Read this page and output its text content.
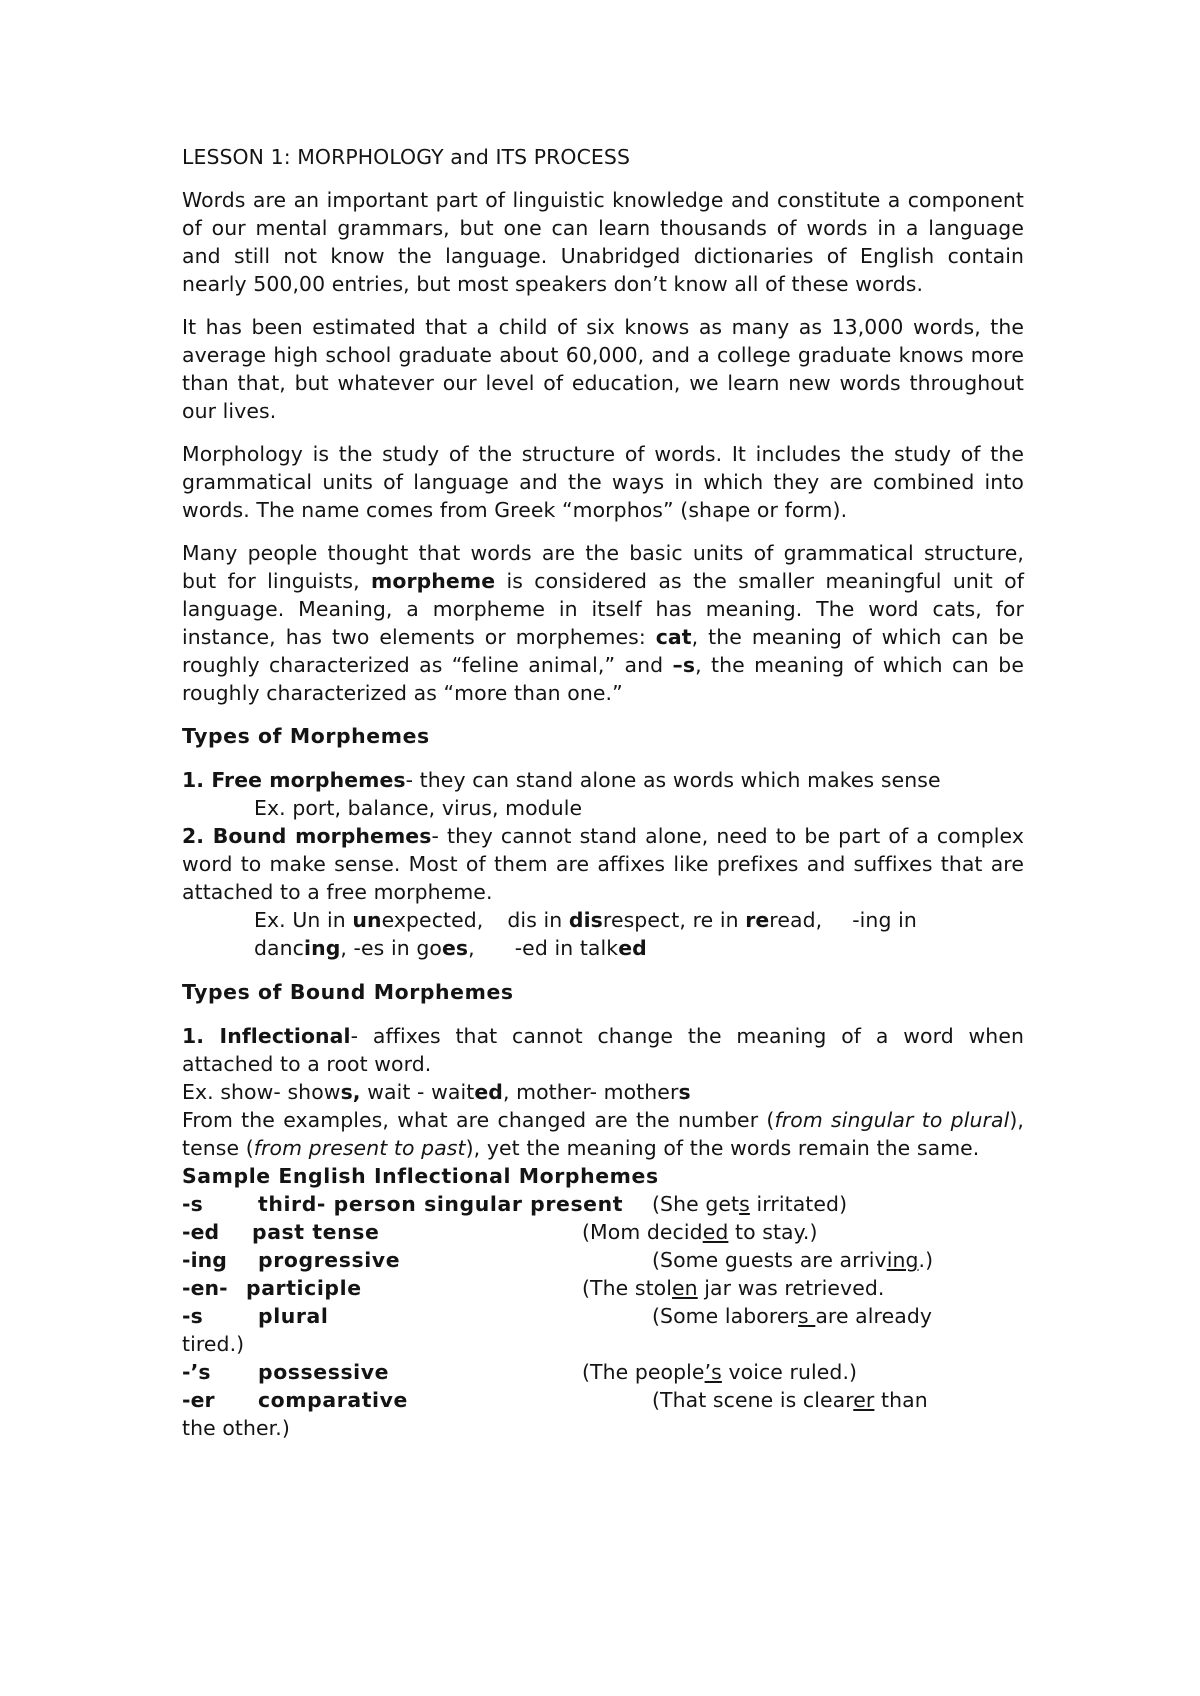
LESSON 1: MORPHOLOGY and ITS PROCESS

Words are an important part of linguistic knowledge and constitute a component of our mental grammars, but one can learn thousands of words in a language and still not know the language. Unabridged dictionaries of English contain nearly 500,00 entries, but most speakers don’t know all of these words.

It has been estimated that a child of six knows as many as 13,000 words, the average high school graduate about 60,000, and a college graduate knows more than that, but whatever our level of education, we learn new words throughout our lives.

Morphology is the study of the structure of words. It includes the study of the grammatical units of language and the ways in which they are combined into words. The name comes from Greek “morphos” (shape or form).

Many people thought that words are the basic units of grammatical structure, but for linguists, morpheme is considered as the smaller meaningful unit of language. Meaning, a morpheme in itself has meaning. The word cats, for instance, has two elements or morphemes: cat, the meaning of which can be roughly characterized as “feline animal,” and –s, the meaning of which can be roughly characterized as “more than one.”

Types of Morphemes
1. Free morphemes- they can stand alone as words which makes sense
Ex. port, balance, virus, module
2. Bound morphemes- they cannot stand alone, need to be part of a complex word to make sense. Most of them are affixes like prefixes and suffixes that are attached to a free morpheme.
Ex. Un in unexpected, dis in disrespect, re in reread, -ing in
dancing, -es in goes, -ed in talked
Types of Bound Morphemes
1. Inflectional- affixes that cannot change the meaning of a word when attached to a root word.
Ex. show- shows, wait - waited, mother- mothers
From the examples, what are changed are the number (from singular to plural), tense (from present to past), yet the meaning of the words remain the same.
Sample English Inflectional Morphemes
-s	third- person singular present (She gets irritated)

-ed	past tense	(Mom decided to stay.)

-ing	progressive	(Some guests are arriving.)

-en- participle	(The stolen jar was retrieved.

-s	plural	(Some laborers are already
tired.)

-’s	possessive	(The people’s voice ruled.)

-er	comparative	(That scene is clearer than
the other.)
